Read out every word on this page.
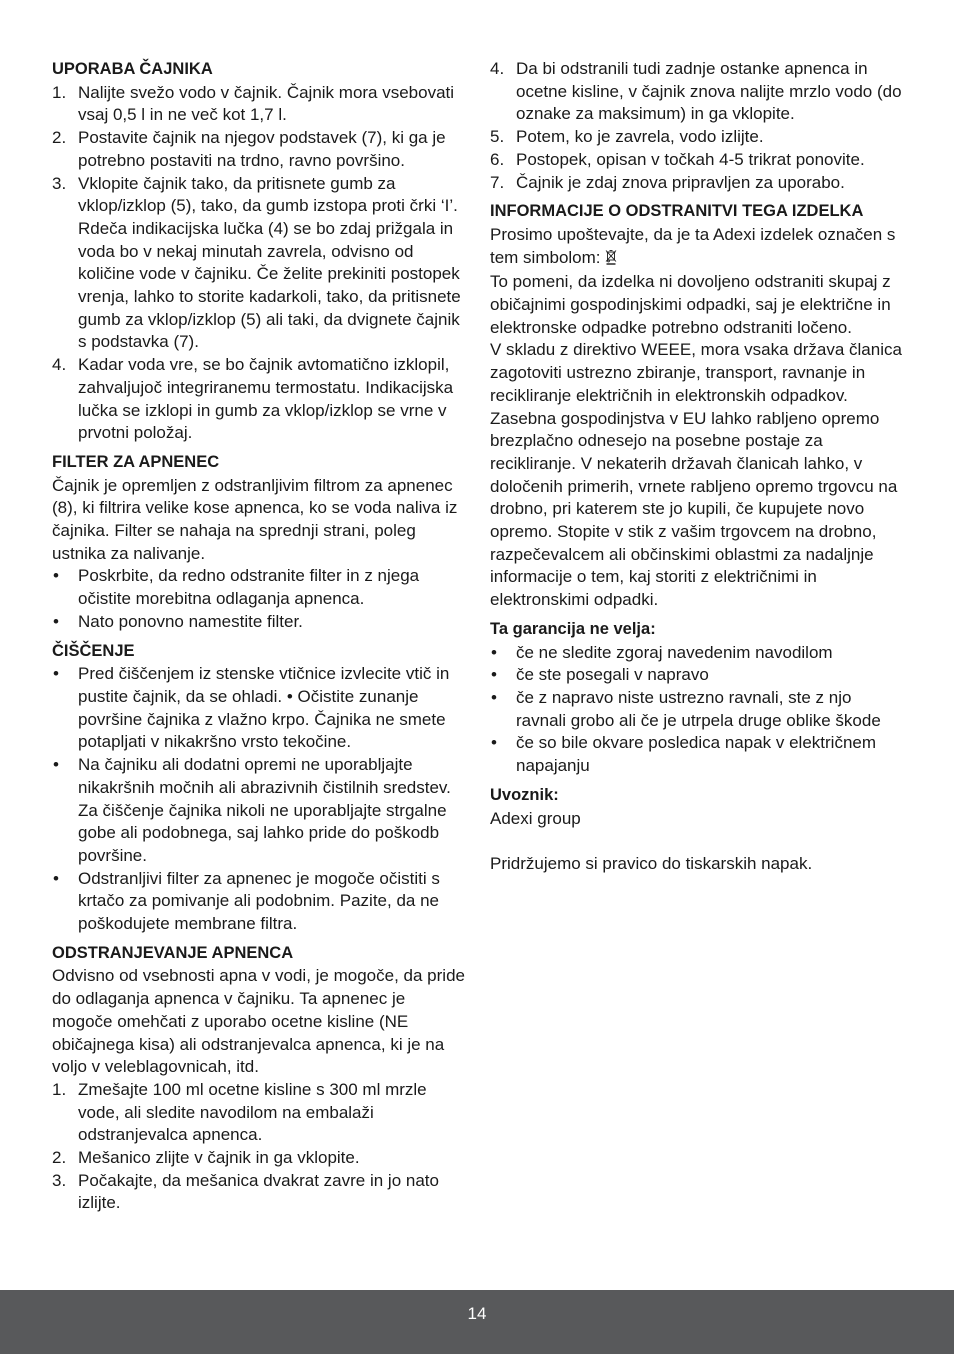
UPORABA ČAJNIKA
1. Nalijte svežo vodo v čajnik. Čajnik mora vsebovati vsaj 0,5 l in ne več kot 1,7 l.
2. Postavite čajnik na njegov podstavek (7), ki ga je potrebno postaviti na trdno, ravno površino.
3. Vklopite čajnik tako, da pritisnete gumb za vklop/izklop (5), tako, da gumb izstopa proti črki ‘I’. Rdeča indikacijska lučka (4) se bo zdaj prižgala in voda bo v nekaj minutah zavrela, odvisno od količine vode v čajniku. Če želite prekiniti postopek vrenja, lahko to storite kadarkoli, tako, da pritisnete gumb za vklop/izklop (5) ali taki, da dvignete čajnik s podstavka (7).
4. Kadar voda vre, se bo čajnik avtomatično izklopil, zahvaljujoč integriranemu termostatu. Indikacijska lučka se izklopi in gumb za vklop/izklop se vrne v prvotni položaj.
FILTER ZA APNENEC

Čajnik je opremljen z odstranljivim filtrom za apnenec (8), ki filtrira velike kose apnenca, ko se voda naliva iz čajnika. Filter se nahaja na sprednji strani, poleg ustnika za nalivanje.

• Poskrbite, da redno odstranite filter in z njega očistite morebitna odlaganja apnenca.
• Nato ponovno namestite filter.
ČIŠČENJE
• Pred čiščenjem iz stenske vtičnice izvlecite vtič in pustite čajnik, da se ohladi. • Očistite zunanje površine čajnika z vlažno krpo. Čajnika ne smete potapljati v nikakršno vrsto tekočine.
• Na čajniku ali dodatni opremi ne uporabljajte nikakršnih močnih ali abrazivnih čistilnih sredstev. Za čiščenje čajnika nikoli ne uporabljajte strgalne gobe ali podobnega, saj lahko pride do poškodb površine.
• Odstranljivi filter za apnenec je mogoče očistiti s krtačo za pomivanje ali podobnim. Pazite, da ne poškodujete membrane filtra.
ODSTRANJEVANJE APNENCA

Odvisno od vsebnosti apna v vodi, je mogoče, da pride do odlaganja apnenca v čajniku. Ta apnenec je mogoče omehčati z uporabo ocetne kisline (NE običajnega kisa) ali odstranjevalca apnenca, ki je na voljo v veleblagovnicah, itd.

1. Zmešajte 100 ml ocetne kisline s 300 ml mrzle vode, ali sledite navodilom na embalaži odstranjevalca apnenca.
2. Mešanico zlijte v čajnik in ga vklopite.
3. Počakajte, da mešanica dvakrat zavre in jo nato izlijte.
4. Da bi odstranili tudi zadnje ostanke apnenca in ocetne kisline, v čajnik znova nalijte mrzlo vodo (do oznake za maksimum) in ga vklopite.
5. Potem, ko je zavrela, vodo izlijte.
6. Postopek, opisan v točkah 4-5 trikrat ponovite.
7. Čajnik je zdaj znova pripravljen za uporabo.
INFORMACIJE O ODSTRANITVI TEGA IZDELKA

Prosimo upoštevajte, da je ta Adexi izdelek označen s tem simbolom:

To pomeni, da izdelka ni dovoljeno odstraniti skupaj z običajnimi gospodinjskimi odpadki, saj je električne in elektronske odpadke potrebno odstraniti ločeno.

V skladu z direktivo WEEE, mora vsaka država članica zagotoviti ustrezno zbiranje, transport, ravnanje in recikliranje električnih in elektronskih odpadkov. Zasebna gospodinjstva v EU lahko rabljeno opremo brezplačno odnesejo na posebne postaje za recikliranje. V nekaterih državah članicah lahko, v določenih primerih, vrnete rabljeno opremo trgovcu na drobno, pri katerem ste jo kupili, če kupujete novo opremo. Stopite v stik z vašim trgovcem na drobno, razpečevalcem ali občinskimi oblastmi za nadaljnje informacije o tem, kaj storiti z električnimi in elektronskimi odpadki.

Ta garancija ne velja:
• če ne sledite zgoraj navedenim navodilom
• če ste posegali v napravo
• če z napravo niste ustrezno ravnali, ste z njo ravnali grobo ali če je utrpela druge oblike škode
• če so bile okvare posledica napak v električnem napajanju
Uvoznik:

Adexi group

Pridržujemo si pravico do tiskarskih napak.

14
